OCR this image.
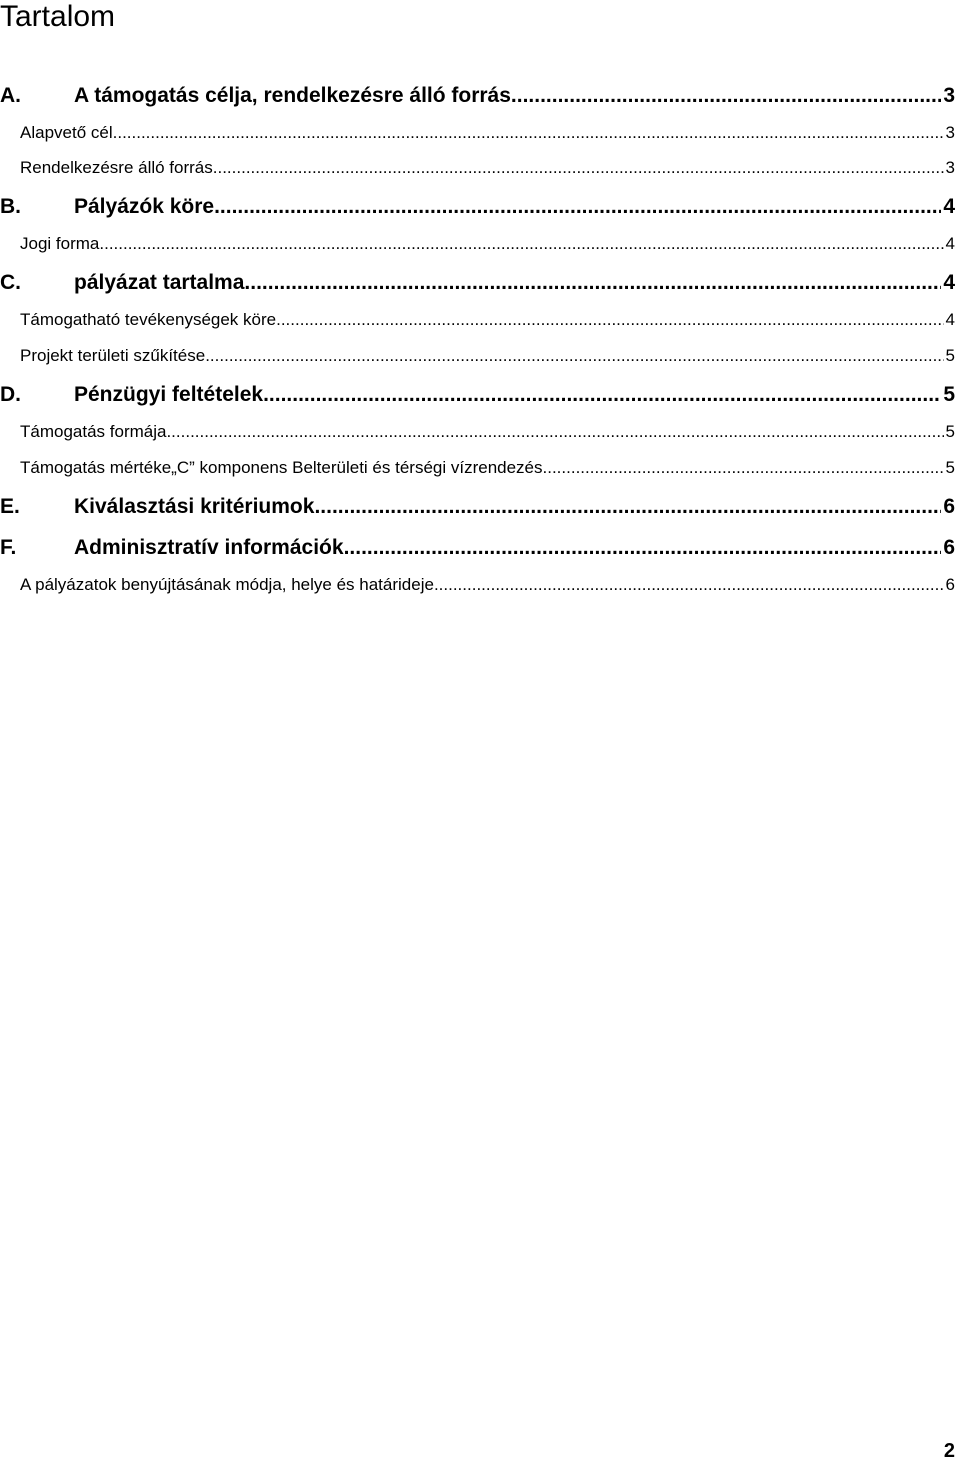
Tartalom
A.	A támogatás célja, rendelkezésre álló forrás .....	3
Alapvető cél .....	3
Rendelkezésre álló forrás .....	3
B.	Pályázók köre .....	4
Jogi forma .....	4
C.	pályázat tartalma .....	4
Támogatható tevékenységek köre .....	4
Projekt területi szűkítése .....	5
D.	Pénzügyi feltételek .....	5
Támogatás formája .....	5
Támogatás mértéke„C” komponens Belterületi és térségi vízrendezés .....	5
E.	Kiválasztási kritériumok .....	6
F.	Adminisztratív információk .....	6
A pályázatok benyújtásának módja, helye és határideje .....	6
2
